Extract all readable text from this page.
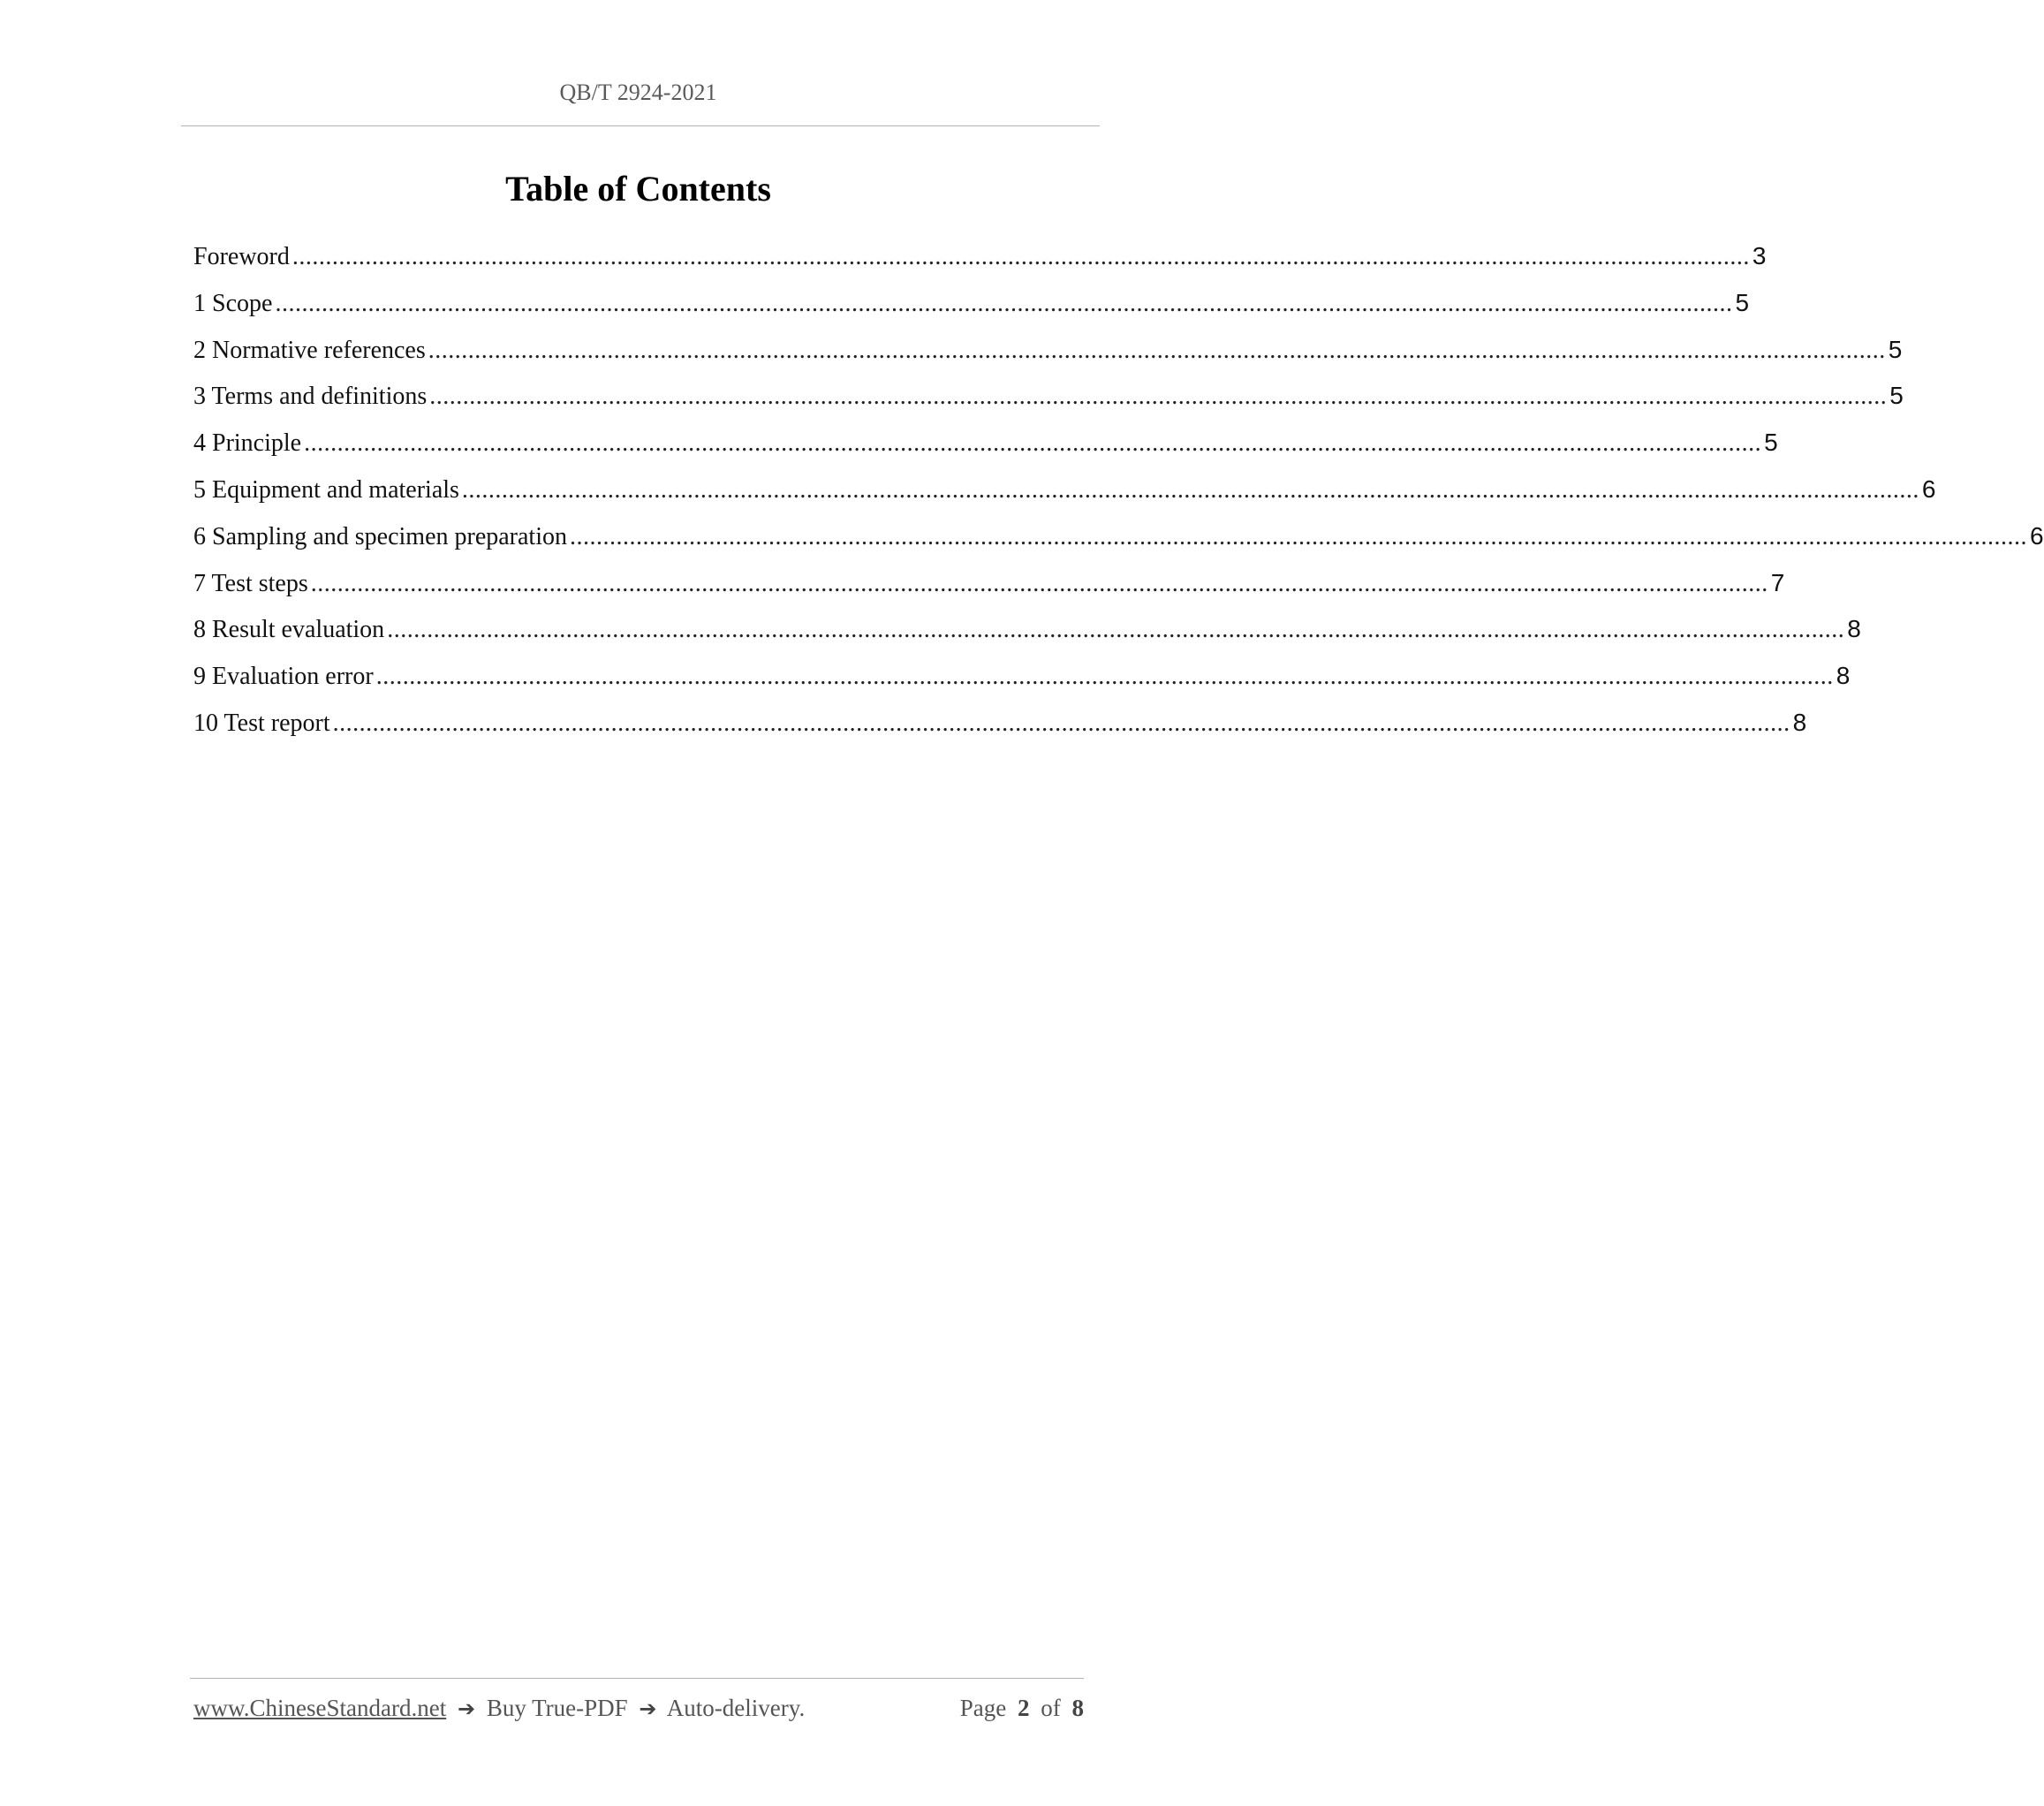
QB/T 2924-2021
Table of Contents
Foreword ............................................................................................................................................................................................................................ 3
1 Scope ............................................................................................................................................................................................................................ 5
2 Normative references ............................................................................................................................................................................................................................ 5
3 Terms and definitions ............................................................................................................................................................................................................................ 5
4 Principle ............................................................................................................................................................................................................................ 5
5 Equipment and materials ............................................................................................................................................................................................................................ 6
6 Sampling and specimen preparation ............................................................................................................................................................................................................................ 6
7 Test steps ............................................................................................................................................................................................................................ 7
8 Result evaluation ............................................................................................................................................................................................................................ 8
9 Evaluation error ............................................................................................................................................................................................................................ 8
10 Test report ............................................................................................................................................................................................................................ 8
www.ChineseStandard.net ➔ Buy True-PDF ➔ Auto-delivery.	Page 2 of 8
